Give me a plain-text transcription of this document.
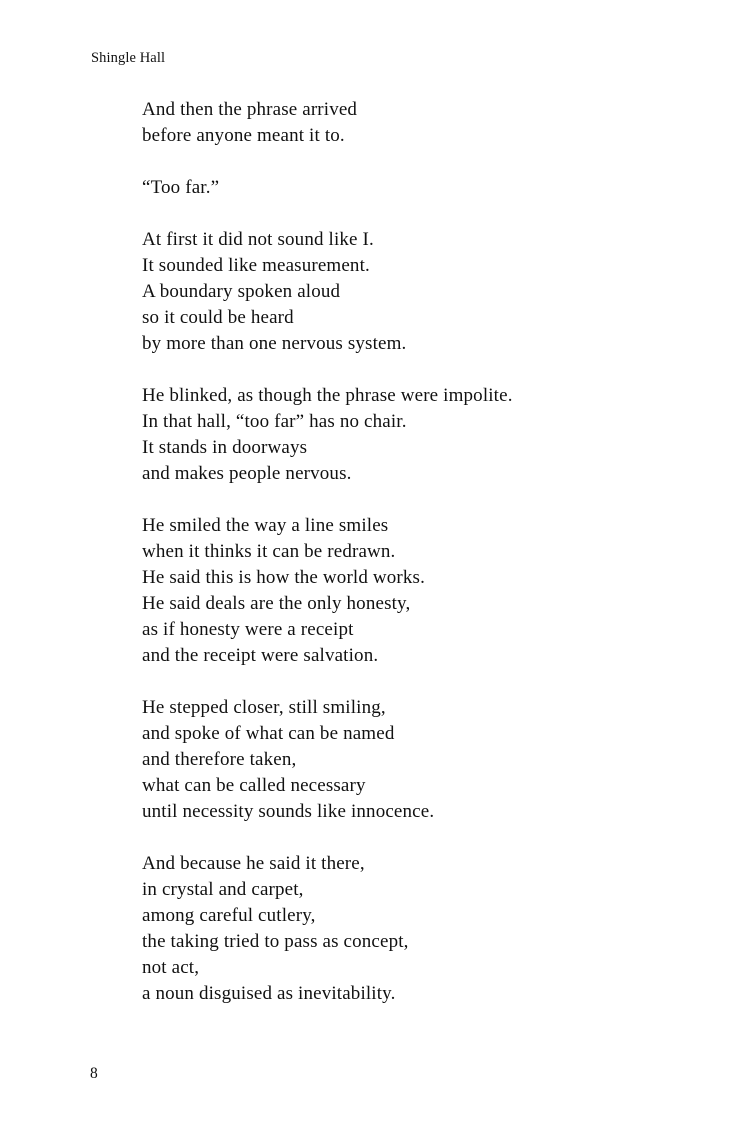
Shingle Hall

And then the phrase arrived
before anyone meant it to.
“Too far.”
At first it did not sound like I.
It sounded like measurement.
A boundary spoken aloud
so it could be heard
by more than one nervous system.
He blinked, as though the phrase were impolite.
In that hall, “too far” has no chair.
It stands in doorways
and makes people nervous.
He smiled the way a line smiles
when it thinks it can be redrawn.
He said this is how the world works.
He said deals are the only honesty,
as if honesty were a receipt
and the receipt were salvation.
He stepped closer, still smiling,
and spoke of what can be named
and therefore taken,
what can be called necessary
until necessity sounds like innocence.
And because he said it there,
in crystal and carpet,
among careful cutlery,
the taking tried to pass as concept,
not act,
a noun disguised as inevitability.

8
